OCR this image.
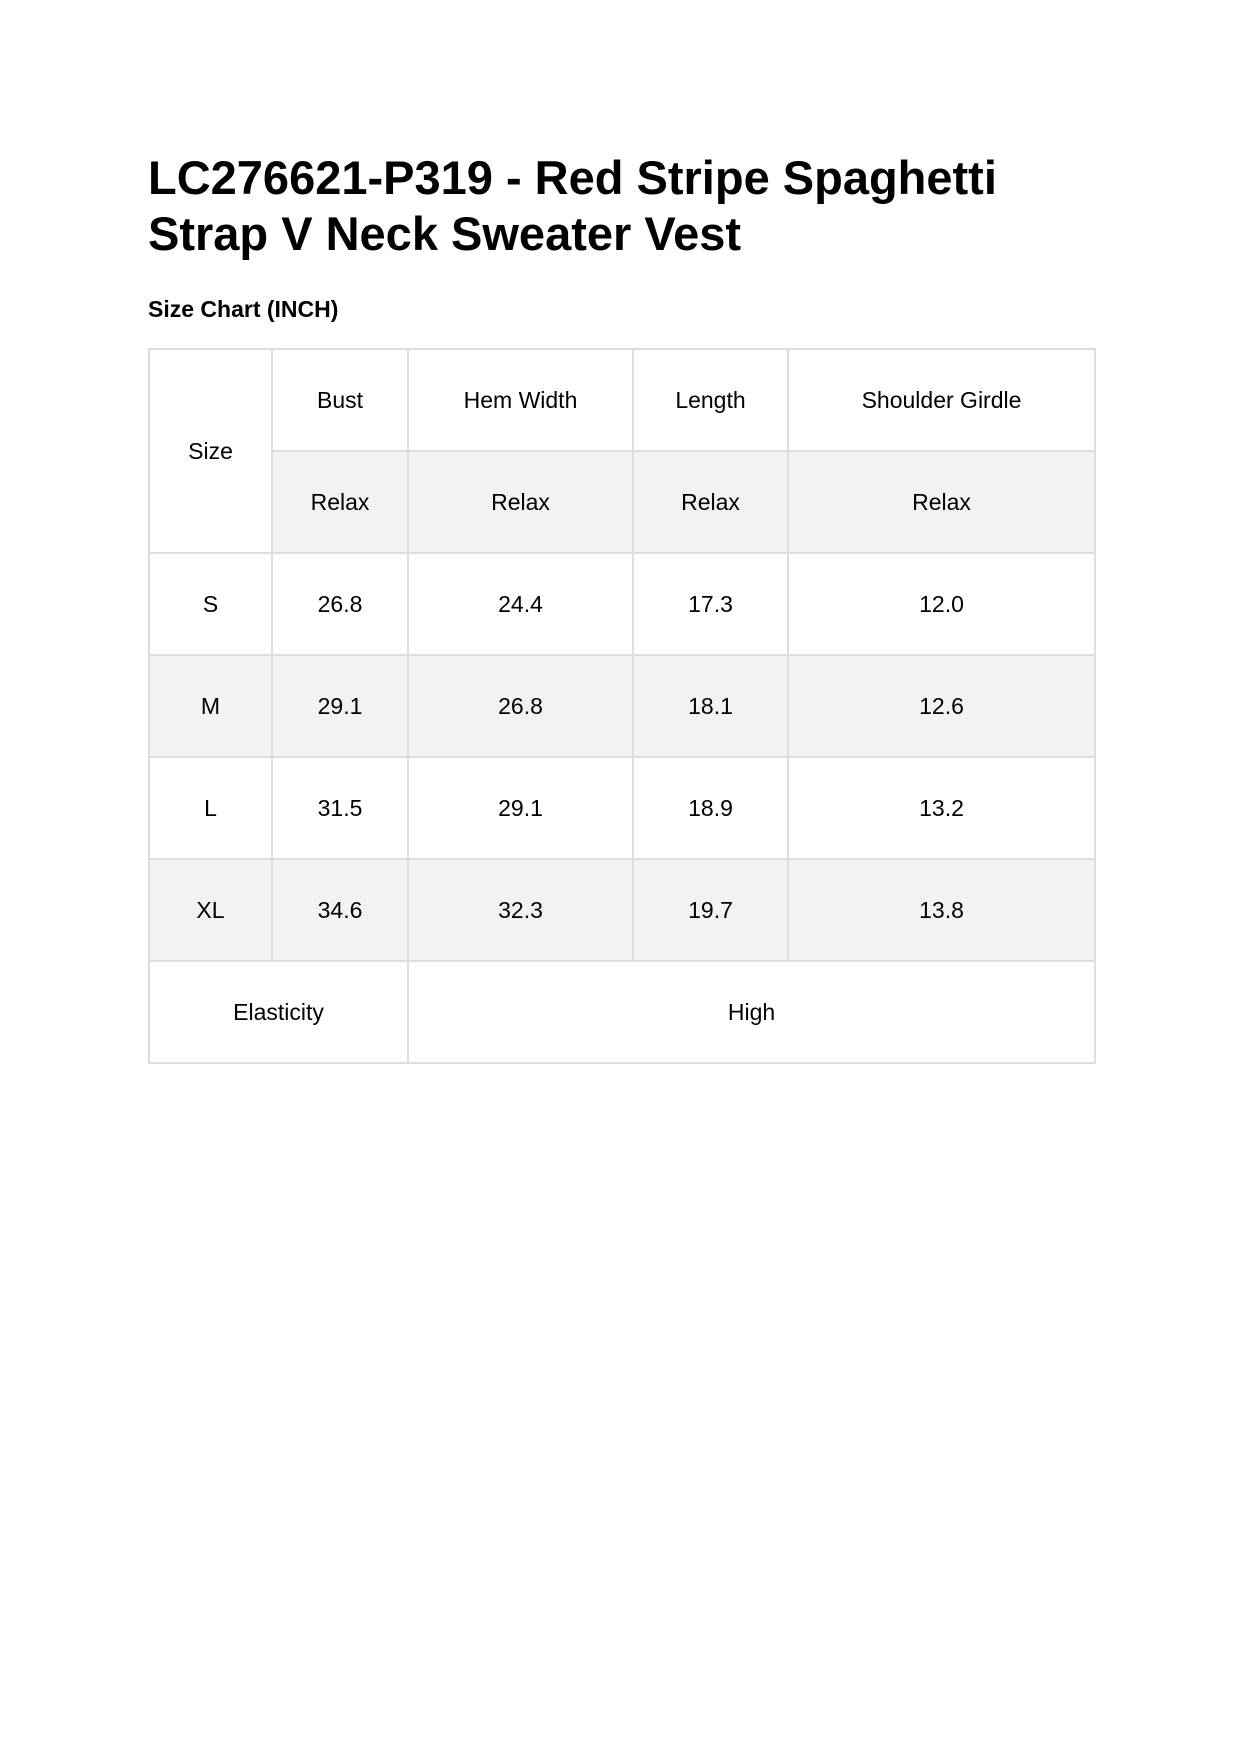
LC276621-P319 - Red Stripe Spaghetti Strap V Neck Sweater Vest
Size Chart (INCH)
Size	Bust	Hem Width	Length	Shoulder Girdle
	Relax	Relax	Relax	Relax
S	26.8	24.4	17.3	12.0
M	29.1	26.8	18.1	12.6
L	31.5	29.1	18.9	13.2
XL	34.6	32.3	19.7	13.8
Elasticity		High		
